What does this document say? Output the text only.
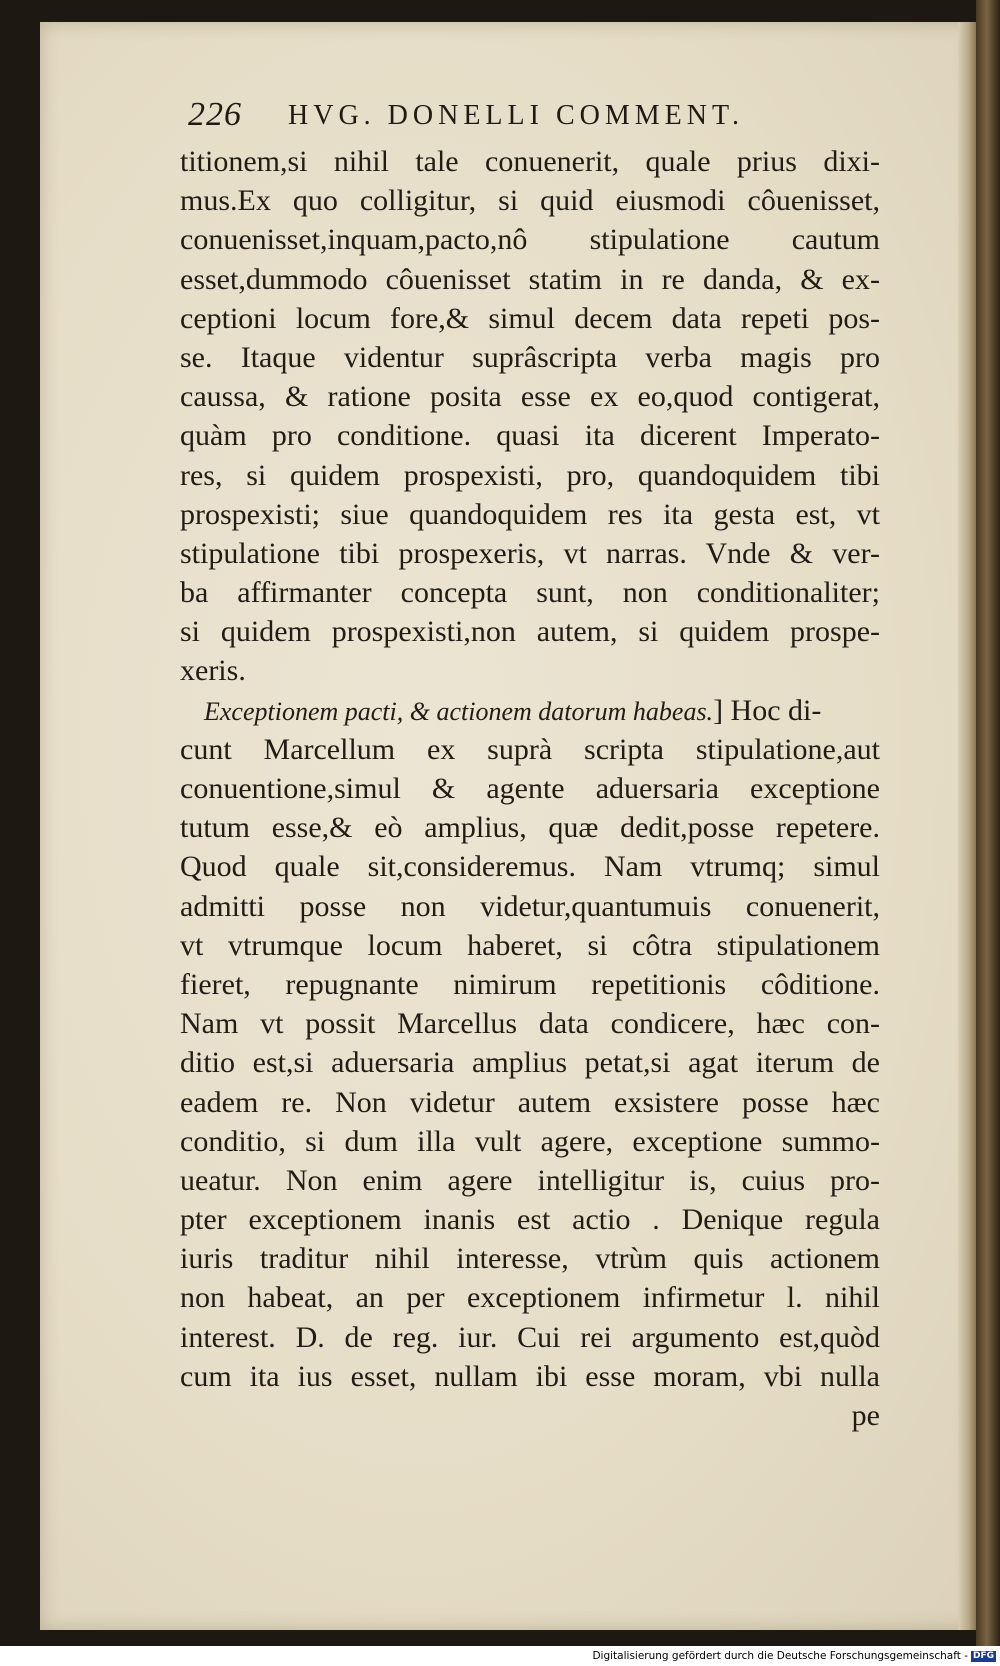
226 HVG. DONELLI COMMENT.
titionem,si nihil tale conuenerit, quale prius dixi-
mus.Ex quo colligitur, si quid eiusmodi côuenisset,
conuenisset,inquam,pacto,nô stipulatione cautum
esset,dummodo côuenisset statim in re danda, & ex-
ceptioni locum fore,& simul decem data repeti pos-
se. Itaque videntur suprâscripta verba magis pro
caussa, & ratione posita esse ex eo,quod contigerat,
quàm pro conditione. quasi ita dicerent Imperato-
res, si quidem prospexisti, pro, quandoquidem tibi
prospexisti; siue quandoquidem res ita gesta est, vt
stipulatione tibi prospexeris, vt narras. Vnde & ver-
ba affirmanter concepta sunt, non conditionaliter;
si quidem prospexisti,non autem, si quidem prospe-
xeris.
Exceptionem pacti, & actionem datorum habeas.] Hoc di-
cunt Marcellum ex suprà scripta stipulatione,aut
conuentione,simul & agente aduersaria exceptione
tutum esse,& eò amplius, quæ dedit,posse repetere.
Quod quale sit,consideremus. Nam vtrumq; simul
admitti posse non videtur,quantumuis conuenerit,
vt vtrumque locum haberet, si côtra stipulationem
fieret, repugnante nimirum repetitionis côditione.
Nam vt possit Marcellus data condicere, hæc con-
ditio est,si aduersaria amplius petat,si agat iterum de
eadem re. Non videtur autem exsistere posse hæc
conditio, si dum illa vult agere, exceptione summo-
ueatur. Non enim agere intelligitur is, cuius pro-
pter exceptionem inanis est actio . Denique regula
iuris traditur nihil interesse, vtrùm quis actionem
non habeat, an per exceptionem infirmetur l. nihil
interest. D. de reg. iur. Cui rei argumento est,quòd
cum ita ius esset, nullam ibi esse moram, vbi nulla
pe
Digitalisierung gefördert durch die Deutsche Forschungsgemeinschaft - DFG
